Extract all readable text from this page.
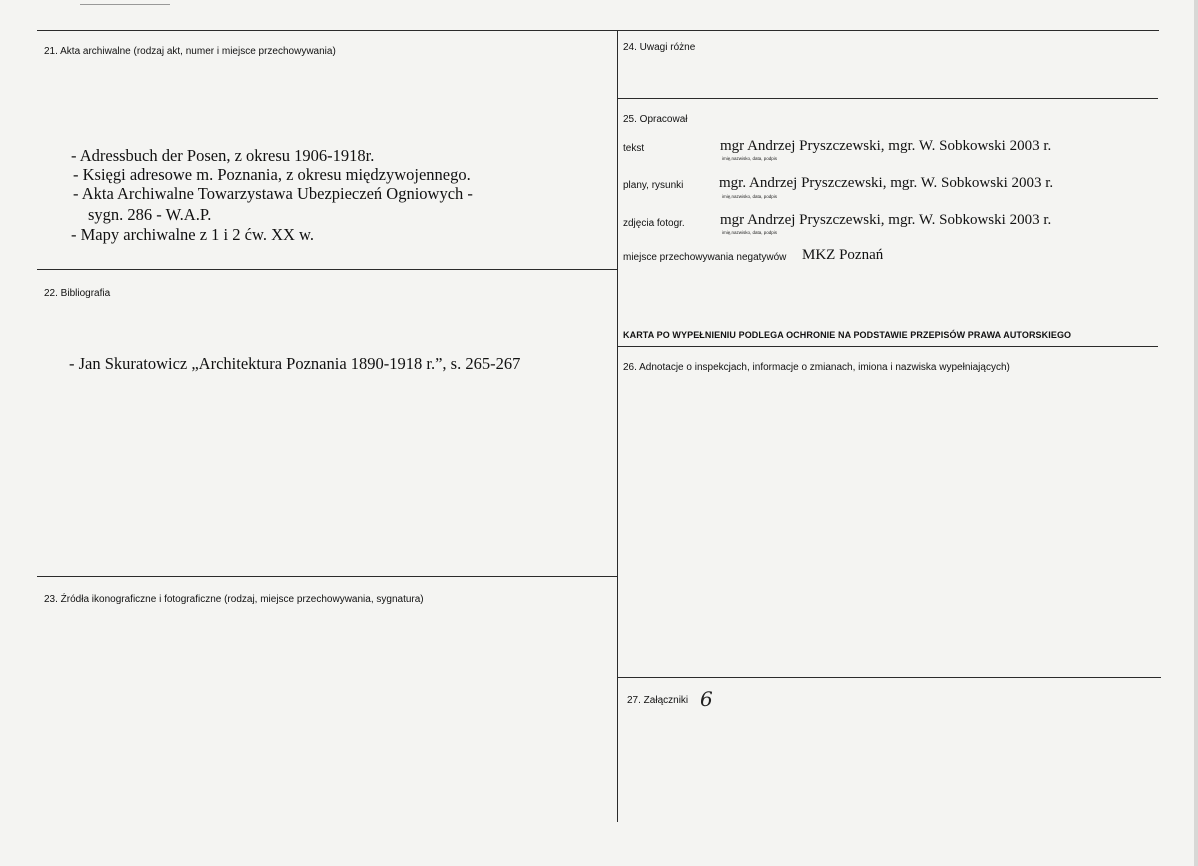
21. Akta archiwalne (rodzaj akt, numer i miejsce przechowywania)
- Adressbuch der Posen, z okresu 1906-1918r.
- Księgi adresowe m. Poznania, z okresu międzywojennego.
- Akta Archiwalne Towarzystawa Ubezpieczeń Ogniowych -
sygn. 286 - W.A.P.
- Mapy archiwalne z 1 i 2 ćw. XX w.
22. Bibliografia
- Jan Skuratowicz „Architektura Poznania 1890-1918 r.”, s. 265-267
23. Źródła ikonograficzne i fotograficzne (rodzaj, miejsce przechowywania, sygnatura)
24. Uwagi różne
25. Opracował
tekst	mgr Andrzej Pryszczewski, mgr. W. Sobkowski 2003 r.
imię,nazwisko, data, podpis
plany, rysunki mgr. Andrzej Pryszczewski, mgr. W. Sobkowski 2003 r.
imię,nazwisko, data, podpis
zdjęcia fotogr. mgr Andrzej Pryszczewski, mgr. W. Sobkowski 2003 r.
imię,nazwisko, data, podpis
miejsce przechowywania negatywów MKZ Poznań
KARTA PO WYPEŁNIENIU PODLEGA OCHRONIE NA PODSTAWIE PRZEPISÓW PRAWA AUTORSKIEGO
26. Adnotacje o inspekcjach, informacje o zmianach, imiona i nazwiska wypełniających)
27. Załączniki 6
